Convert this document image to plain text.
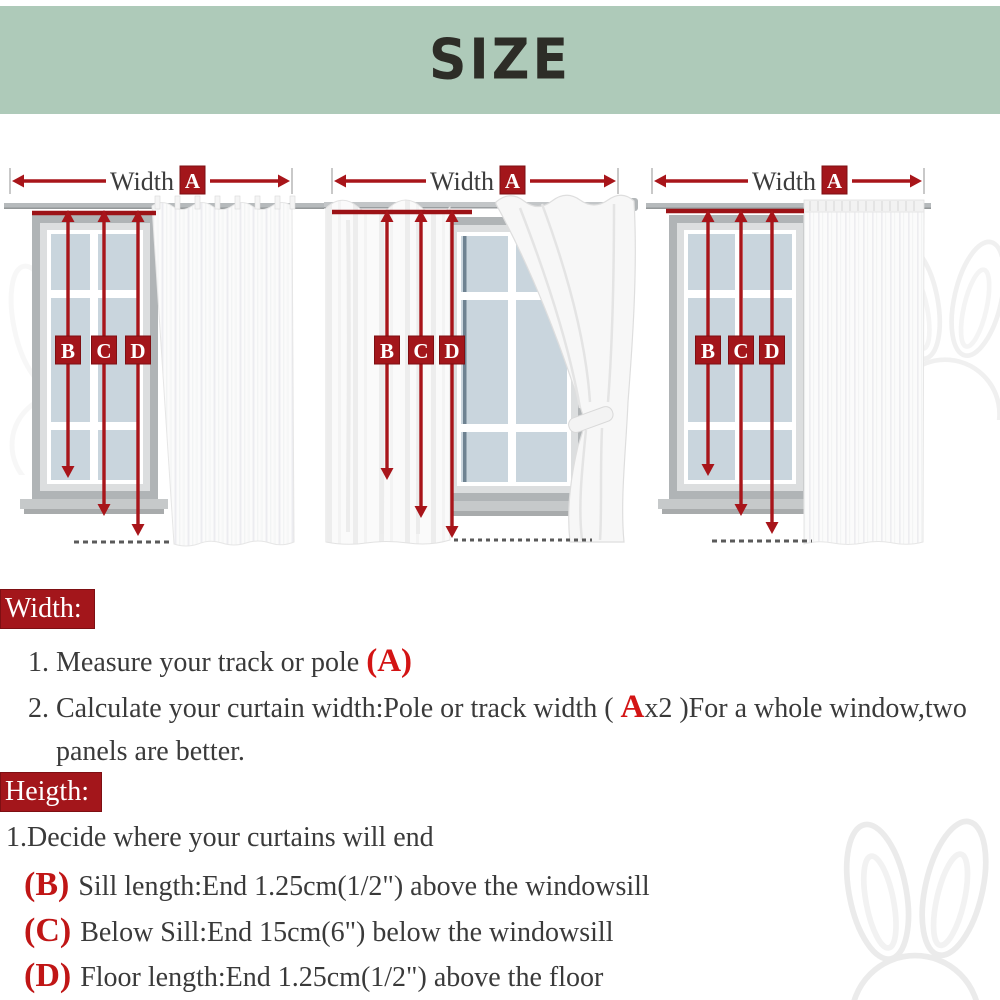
SIZE
Width A
B C D
Width A
B C D
Width A
B C D
Width:
1. Measure your track or pole (A)
2. Calculate your curtain width:Pole or track width ( Ax2 )For a whole window,two
panels are better.
Heigth:
1.Decide where your curtains will end
(B) Sill length:End 1.25cm(1/2") above the windowsill
(C) Below Sill:End 15cm(6") below the windowsill
(D) Floor length:End 1.25cm(1/2") above the floor
